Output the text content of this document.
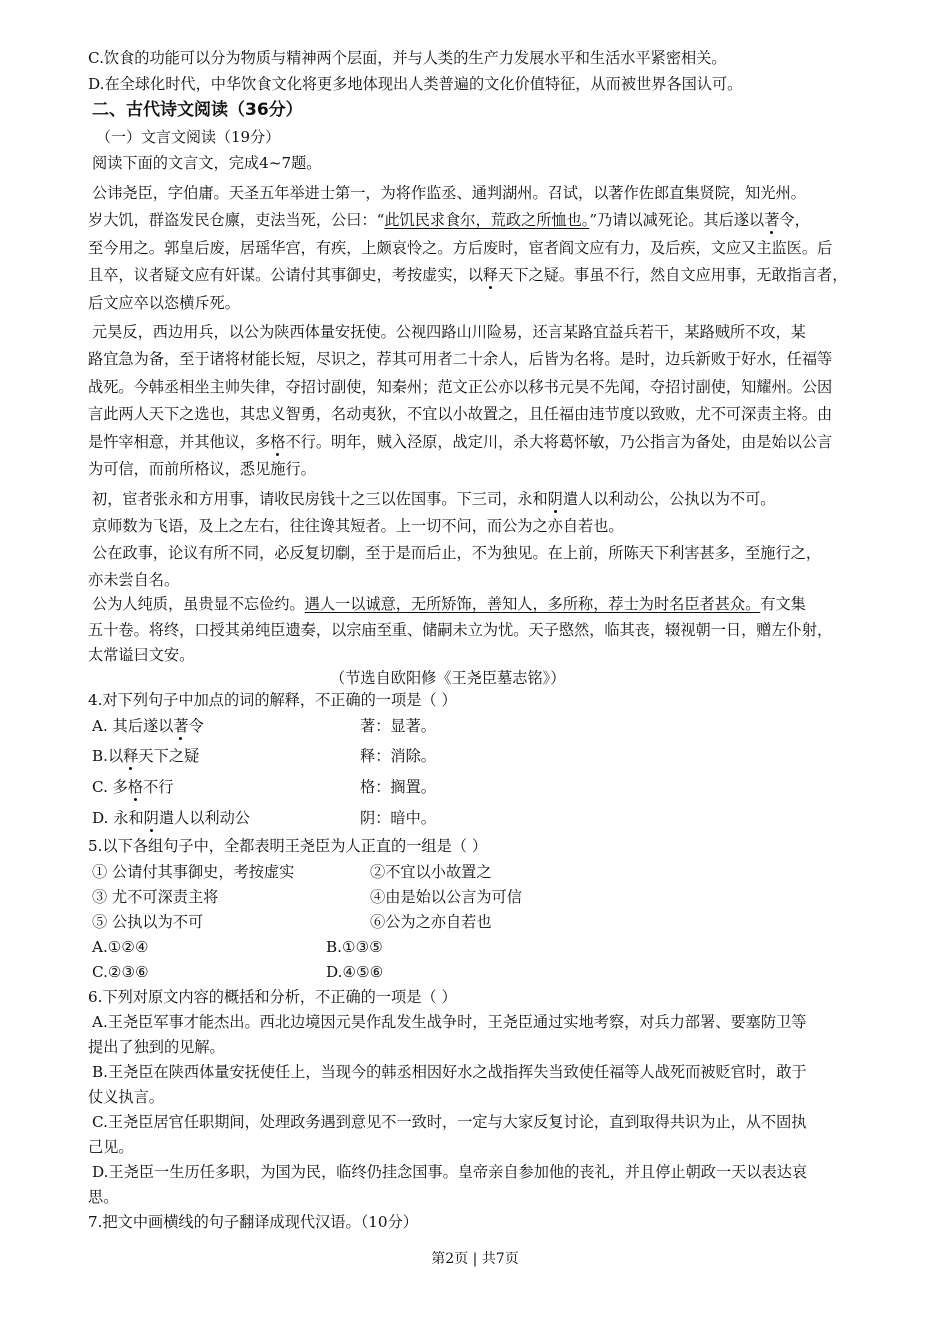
C.饮食的功能可以分为物质与精神两个层面，并与人类的生产力发展水平和生活水平紧密相关。
D.在全球化时代，中华饮食文化将更多地体现出人类普遍的文化价值特征，从而被世界各国认可。
二、古代诗文阅读（36分）
（一）文言文阅读（19分）
阅读下面的文言文，完成4~7题。
公讳尧臣，字伯庸。天圣五年举进士第一，为将作监丞、通判湖州。召试，以著作佐郎直集贤院，知光州。
岁大饥，群盗发民仓廪，吏法当死，公曰：“此饥民求食尔，荒政之所恤也。”乃请以减死论。其后遂以著令，
至今用之。郭皇后废，居瑶华宫，有疾，上颇哀怜之。方后废时，宦者阎文应有力，及后疾，文应又主监医。后
且卒，议者疑文应有奸谋。公请付其事御史，考按虚实，以释天下之疑。事虽不行，然自文应用事，无敢指言者，
后文应卒以恣横斥死。
元昊反，西边用兵，以公为陕西体量安抚使。公视四路山川险易，还言某路宜益兵若干，某路贼所不攻，某
路宜急为备，至于诸将材能长短，尽识之，荐其可用者二十余人，后皆为名将。是时，边兵新败于好水，任福等
战死。今韩丞相坐主帅失律，夺招讨副使，知秦州；范文正公亦以移书元昊不先闻，夺招讨副使，知耀州。公因
言此两人天下之选也，其忠义智勇，名动夷狄，不宜以小故置之，且任福由违节度以致败，尤不可深责主将。由
是忤宰相意，并其他议，多格不行。明年，贼入泾原，战定川，杀大将葛怀敏，乃公指言为备处，由是始以公言
为可信，而前所格议，悉见施行。
初，宦者张永和方用事，请收民房钱十之三以佐国事。下三司，永和阴遣人以利动公，公执以为不可。
京师数为飞语，及上之左右，往往谗其短者。上一切不问，而公为之亦自若也。
公在政事，论议有所不同，必反复切劘，至于是而后止，不为独见。在上前，所陈天下利害甚多，至施行之，
亦未尝自名。
公为人纯质，虽贵显不忘俭约。遇人一以诚意，无所矫饰，善知人，多所称，荐士为时名臣者甚众。有文集
五十卷。将终，口授其弟纯臣遗奏，以宗庙至重、储嗣未立为忧。天子愍然，临其丧，辍视朝一日，赠左仆射，
太常谥曰文安。
（节选自欧阳修《王尧臣墓志铭》）
4.对下列句子中加点的词的解释，不正确的一项是（ ）
A. 其后遂以著令	著：显著。
B.以释天下之疑	释：消除。
C. 多格不行	格：搁置。
D. 永和阴遣人以利动公	阴：暗中。
5.以下各组句子中，全都表明王尧臣为人正直的一组是（ ）
① 公请付其事御史，考按虚实	②不宜以小故置之
③ 尤不可深责主将	④由是始以公言为可信
⑤ 公执以为不可	⑥公为之亦自若也
A.①②④	B.①③⑤
C.②③⑥	D.④⑤⑥
6.下列对原文内容的概括和分析，不正确的一项是（ ）
A.王尧臣军事才能杰出。西北边境因元昊作乱发生战争时，王尧臣通过实地考察，对兵力部署、要塞防卫等
提出了独到的见解。
B.王尧臣在陕西体量安抚使任上，当现今的韩丞相因好水之战指挥失当致使任福等人战死而被贬官时，敢于
仗义执言。
C.王尧臣居官任职期间，处理政务遇到意见不一致时，一定与大家反复讨论，直到取得共识为止，从不固执
己见。
D.王尧臣一生历任多职，为国为民，临终仍挂念国事。皇帝亲自参加他的丧礼，并且停止朝政一天以表达哀
思。
7.把文中画横线的句子翻译成现代汉语。（10分）
第2页 | 共7页
